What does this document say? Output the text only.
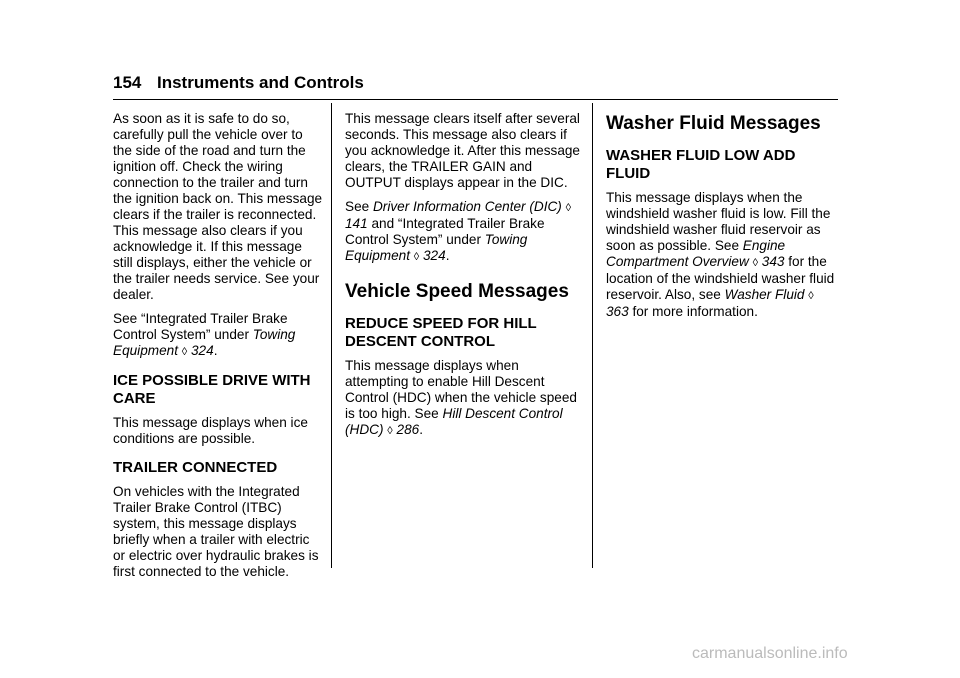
154 Instruments and Controls

As soon as it is safe to do so, carefully pull the vehicle over to the side of the road and turn the ignition off. Check the wiring connection to the trailer and turn the ignition back on. This message clears if the trailer is reconnected. This message also clears if you acknowledge it. If this message still displays, either the vehicle or the trailer needs service. See your dealer.

See “Integrated Trailer Brake Control System” under Towing Equipment ◊ 324.

ICE POSSIBLE DRIVE WITH CARE

This message displays when ice conditions are possible.

TRAILER CONNECTED

On vehicles with the Integrated Trailer Brake Control (ITBC) system, this message displays briefly when a trailer with electric or electric over hydraulic brakes is first connected to the vehicle.

This message clears itself after several seconds. This message also clears if you acknowledge it. After this message clears, the TRAILER GAIN and OUTPUT displays appear in the DIC.

See Driver Information Center (DIC) ◊ 141 and “Integrated Trailer Brake Control System” under Towing Equipment ◊ 324.

Vehicle Speed Messages
REDUCE SPEED FOR HILL DESCENT CONTROL

This message displays when attempting to enable Hill Descent Control (HDC) when the vehicle speed is too high. See Hill Descent Control (HDC) ◊ 286.

Washer Fluid Messages
WASHER FLUID LOW ADD FLUID

This message displays when the windshield washer fluid is low. Fill the windshield washer fluid reservoir as soon as possible. See Engine Compartment Overview ◊ 343 for the location of the windshield washer fluid reservoir. Also, see Washer Fluid ◊ 363 for more information.

carmanualsonline.info
